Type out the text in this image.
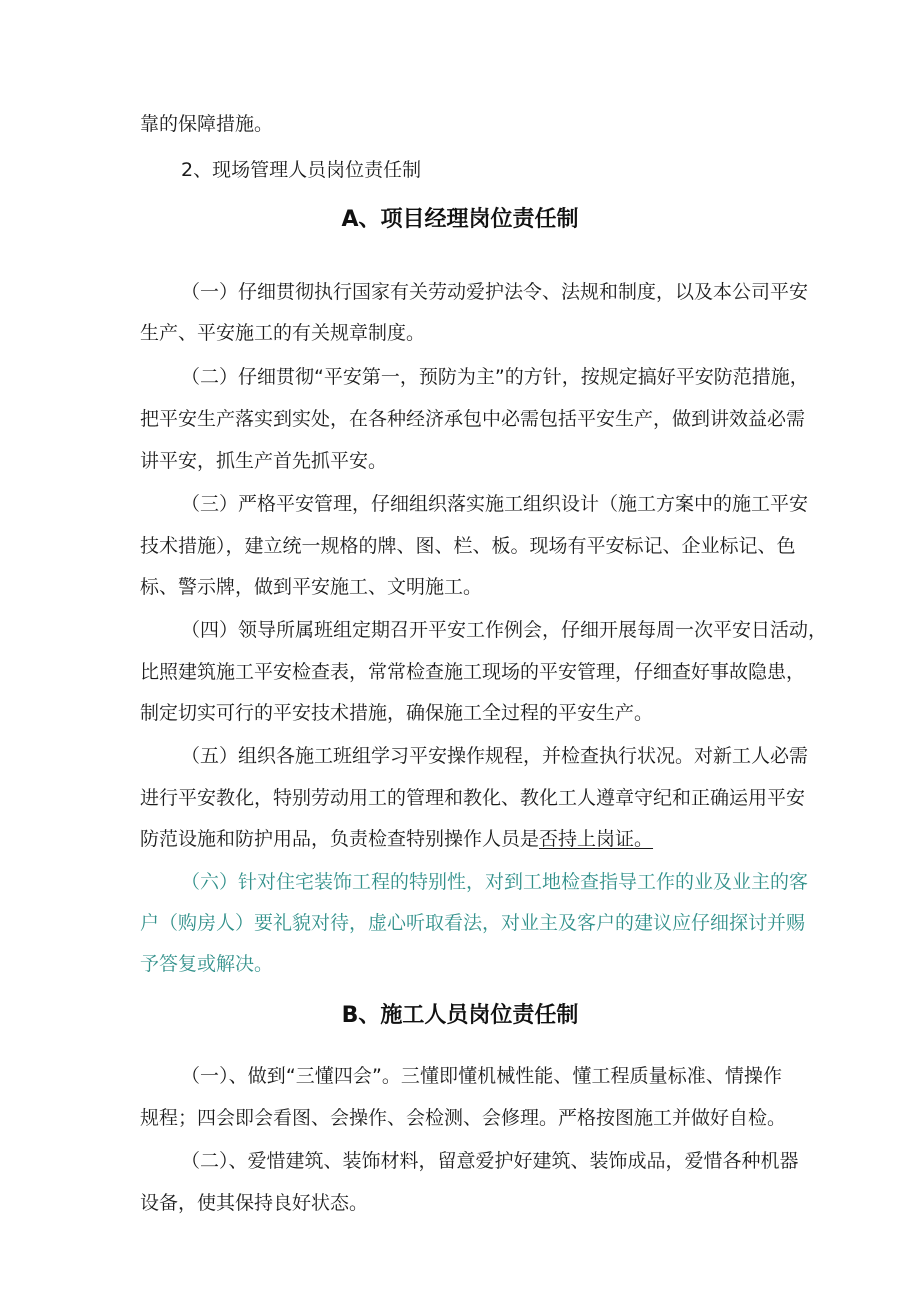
靠的保障措施。
2、现场管理人员岗位责任制
A、项目经理岗位责任制
（一）仔细贯彻执行国家有关劳动爱护法令、法规和制度，以及本公司平安
生产、平安施工的有关规章制度。
（二）仔细贯彻“平安第一，预防为主”的方针，按规定搞好平安防范措施，
把平安生产落实到实处，在各种经济承包中必需包括平安生产，做到讲效益必需
讲平安，抓生产首先抓平安。
（三）严格平安管理，仔细组织落实施工组织设计（施工方案中的施工平安
技术措施），建立统一规格的牌、图、栏、板。现场有平安标记、企业标记、色
标、警示牌，做到平安施工、文明施工。
（四）领导所属班组定期召开平安工作例会，仔细开展每周一次平安日活动，
比照建筑施工平安检查表，常常检查施工现场的平安管理，仔细查好事故隐患，
制定切实可行的平安技术措施，确保施工全过程的平安生产。
（五）组织各施工班组学习平安操作规程，并检查执行状况。对新工人必需
进行平安教化，特别劳动用工的管理和教化、教化工人遵章守纪和正确运用平安
防范设施和防护用品，负责检查特别操作人员是否持上岗证。
（六）针对住宅装饰工程的特别性，对到工地检查指导工作的业及业主的客
户（购房人）要礼貌对待，虚心听取看法，对业主及客户的建议应仔细探讨并赐
予答复或解决。
B、施工人员岗位责任制
（一）、做到“三懂四会”。三懂即懂机械性能、懂工程质量标准、情操作
规程；四会即会看图、会操作、会检测、会修理。严格按图施工并做好自检。
（二）、爱惜建筑、装饰材料，留意爱护好建筑、装饰成品，爱惜各种机器
设备，使其保持良好状态。
